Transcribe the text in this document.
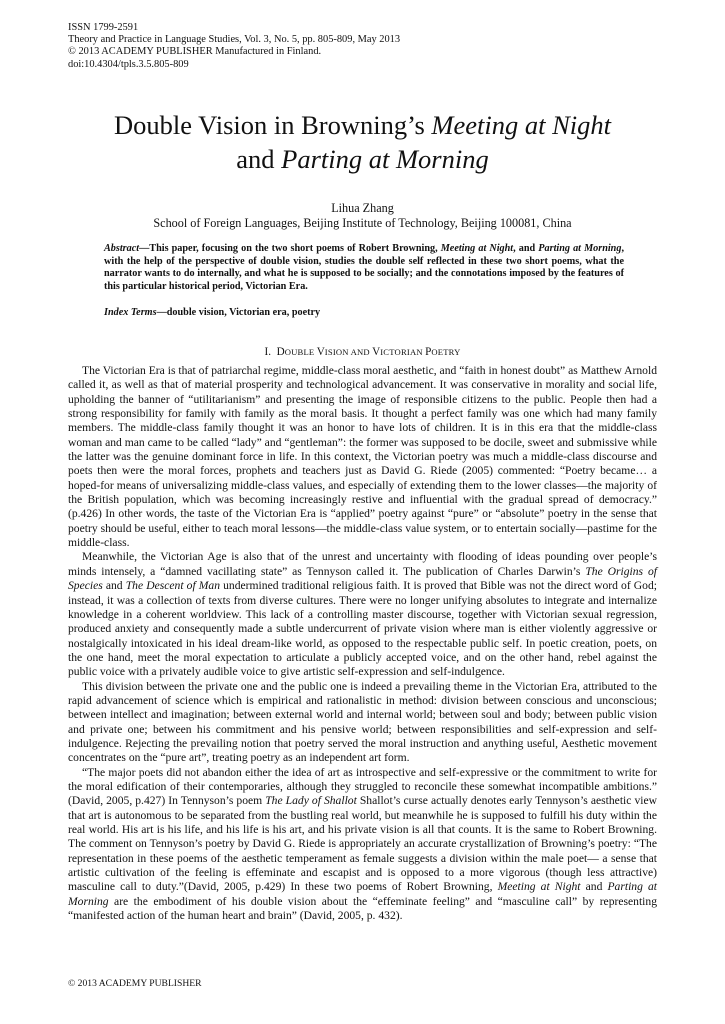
ISSN 1799-2591
Theory and Practice in Language Studies, Vol. 3, No. 5, pp. 805-809, May 2013
© 2013 ACADEMY PUBLISHER Manufactured in Finland.
doi:10.4304/tpls.3.5.805-809
Double Vision in Browning’s Meeting at Night
and Parting at Morning
Lihua Zhang
School of Foreign Languages, Beijing Institute of Technology, Beijing 100081, China
Abstract—This paper, focusing on the two short poems of Robert Browning, Meeting at Night, and Parting at Morning, with the help of the perspective of double vision, studies the double self reflected in these two short poems, what the narrator wants to do internally, and what he is supposed to be socially; and the connotations imposed by the features of this particular historical period, Victorian Era.
Index Terms—double vision, Victorian era, poetry
I. DOUBLE VISION AND VICTORIAN POETRY

The Victorian Era is that of patriarchal regime, middle-class moral aesthetic, and “faith in honest doubt” as Matthew Arnold called it, as well as that of material prosperity and technological advancement. It was conservative in morality and social life, upholding the banner of “utilitarianism” and presenting the image of responsible citizens to the public. People then had a strong responsibility for family with family as the moral basis. It thought a perfect family was one which had many family members. The middle-class family thought it was an honor to have lots of children. It is in this era that the middle-class woman and man came to be called “lady” and “gentleman”: the former was supposed to be docile, sweet and submissive while the latter was the genuine dominant force in life. In this context, the Victorian poetry was much a middle-class discourse and poets then were the moral forces, prophets and teachers just as David G. Riede (2005) commented: “Poetry became… a hoped-for means of universalizing middle-class values, and especially of extending them to the lower classes—the majority of the British population, which was becoming increasingly restive and influential with the gradual spread of democracy.” (p.426) In other words, the taste of the Victorian Era is “applied” poetry against “pure” or “absolute” poetry in the sense that poetry should be useful, either to teach moral lessons—the middle-class value system, or to entertain socially—pastime for the middle-class.

Meanwhile, the Victorian Age is also that of the unrest and uncertainty with flooding of ideas pounding over people’s minds intensely, a “damned vacillating state” as Tennyson called it. The publication of Charles Darwin’s The Origins of Species and The Descent of Man undermined traditional religious faith. It is proved that Bible was not the direct word of God; instead, it was a collection of texts from diverse cultures. There were no longer unifying absolutes to integrate and internalize knowledge in a coherent worldview. This lack of a controlling master discourse, together with Victorian sexual regression, produced anxiety and consequently made a subtle undercurrent of private vision where man is either violently aggressive or nostalgically intoxicated in his ideal dream-like world, as opposed to the respectable public self. In poetic creation, poets, on the one hand, meet the moral expectation to articulate a publicly accepted voice, and on the other hand, rebel against the public voice with a privately audible voice to give artistic self-expression and self-indulgence.

This division between the private one and the public one is indeed a prevailing theme in the Victorian Era, attributed to the rapid advancement of science which is empirical and rationalistic in method: division between conscious and unconscious; between intellect and imagination; between external world and internal world; between soul and body; between public vision and private one; between his commitment and his pensive world; between responsibilities and self-expression and self-indulgence. Rejecting the prevailing notion that poetry served the moral instruction and anything useful, Aesthetic movement concentrates on the “pure art”, treating poetry as an independent art form.

“The major poets did not abandon either the idea of art as introspective and self-expressive or the commitment to write for the moral edification of their contemporaries, although they struggled to reconcile these somewhat incompatible ambitions.” (David, 2005, p.427) In Tennyson’s poem The Lady of Shallot Shallot’s curse actually denotes early Tennyson’s aesthetic view that art is autonomous to be separated from the bustling real world, but meanwhile he is supposed to fulfill his duty within the real world. His art is his life, and his life is his art, and his private vision is all that counts. It is the same to Robert Browning. The comment on Tennyson’s poetry by David G. Riede is appropriately an accurate crystallization of Browning’s poetry: “The representation in these poems of the aesthetic temperament as female suggests a division within the male poet— a sense that artistic cultivation of the feeling is effeminate and escapist and is opposed to a more vigorous (though less attractive) masculine call to duty.”(David, 2005, p.429) In these two poems of Robert Browning, Meeting at Night and Parting at Morning are the embodiment of his double vision about the “effeminate feeling” and “masculine call” by representing “manifested action of the human heart and brain” (David, 2005, p. 432).

© 2013 ACADEMY PUBLISHER
